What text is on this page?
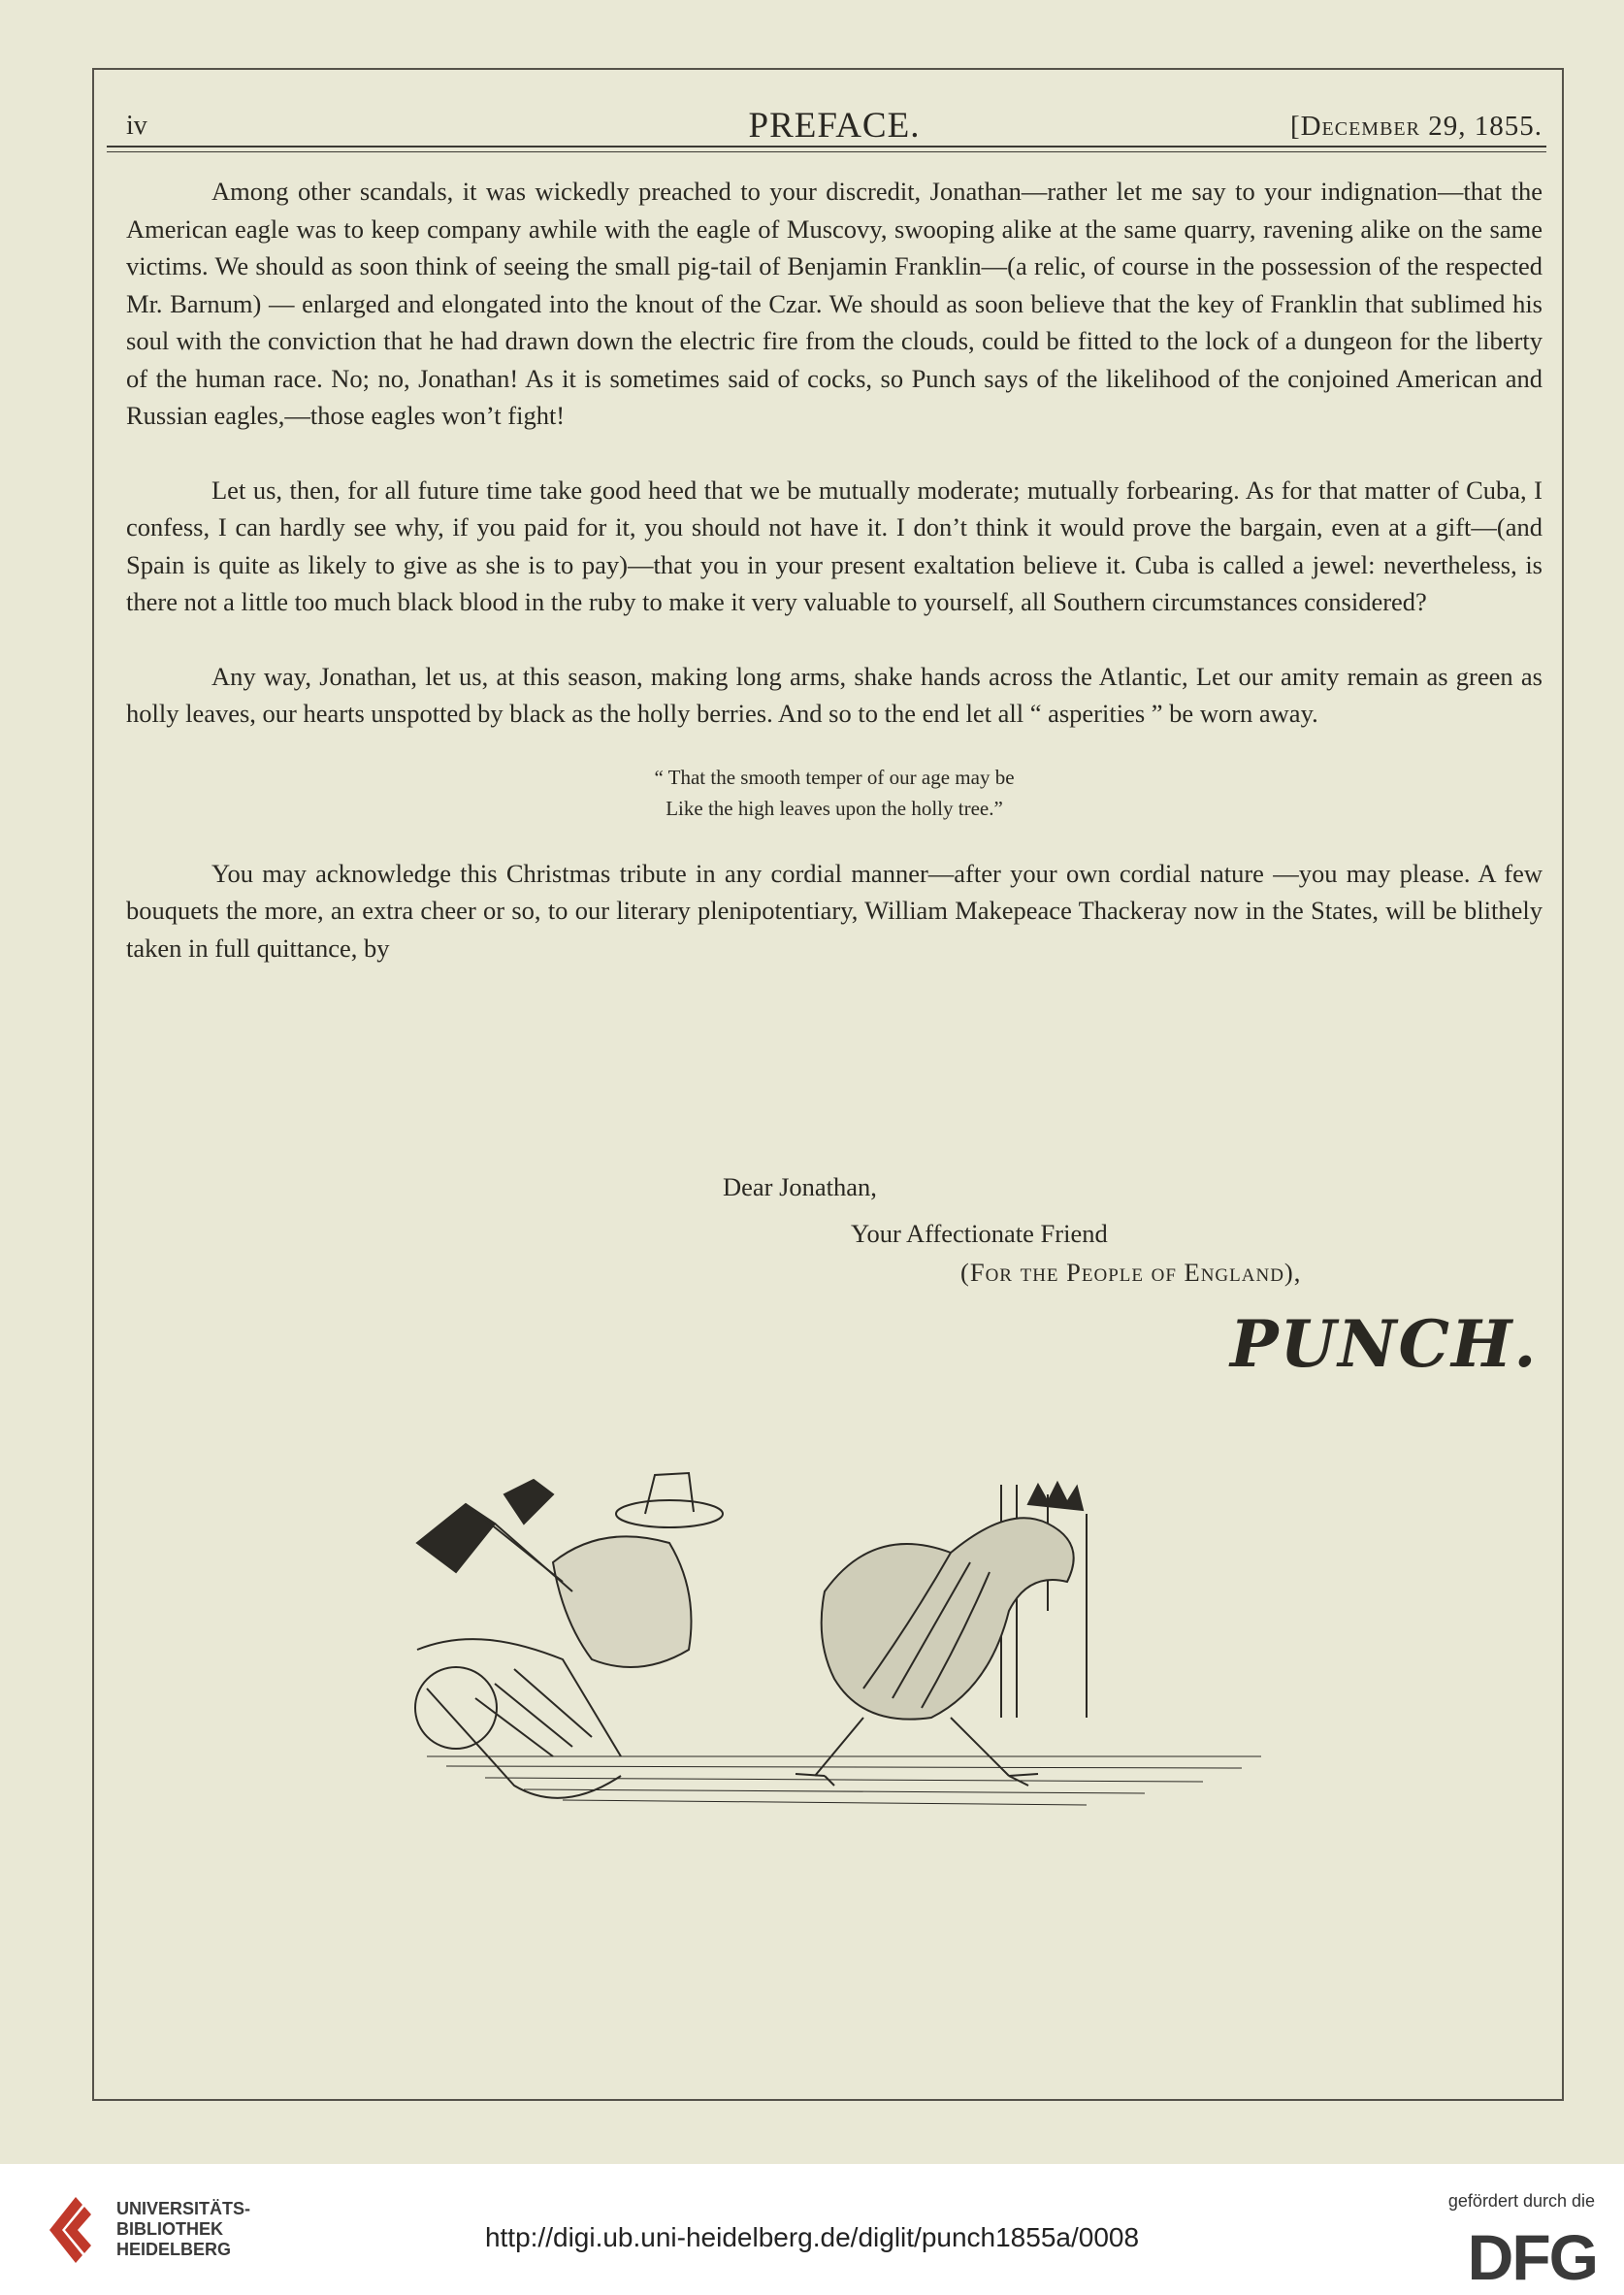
iv	PREFACE.	[December 29, 1855.

Among other scandals, it was wickedly preached to your discredit, Jonathan—rather let me say to your indignation—that the American eagle was to keep company awhile with the eagle of Muscovy, swooping alike at the same quarry, ravening alike on the same victims. We should as soon think of seeing the small pig-tail of Benjamin Franklin—(a relic, of course in the possession of the respected Mr. Barnum) — enlarged and elongated into the knout of the Czar. We should as soon believe that the key of Franklin that sublimed his soul with the conviction that he had drawn down the electric fire from the clouds, could be fitted to the lock of a dungeon for the liberty of the human race. No; no, Jonathan! As it is sometimes said of cocks, so Punch says of the likelihood of the conjoined American and Russian eagles,—those eagles won’t fight!

Let us, then, for all future time take good heed that we be mutually moderate; mutually forbearing. As for that matter of Cuba, I confess, I can hardly see why, if you paid for it, you should not have it. I don’t think it would prove the bargain, even at a gift—(and Spain is quite as likely to give as she is to pay)—that you in your present exaltation believe it. Cuba is called a jewel: nevertheless, is there not a little too much black blood in the ruby to make it very valuable to yourself, all Southern circumstances considered?

Any way, Jonathan, let us, at this season, making long arms, shake hands across the Atlantic, Let our amity remain as green as holly leaves, our hearts unspotted by black as the holly berries. And so to the end let all “ asperities ” be worn away.

“ That the smooth temper of our age may be
Like the high leaves upon the holly tree.”

You may acknowledge this Christmas tribute in any cordial manner—after your own cordial nature —you may please. A few bouquets the more, an extra cheer or so, to our literary plenipotentiary, William Makepeace Thackeray now in the States, will be blithely taken in full quittance, by

Dear Jonathan,
Your Affectionate Friend
(For the People of England),
PUNCH.
UNIVERSITÄTS-
BIBLIOTHEK
HEIDELBERG	http://digi.ub.uni-heidelberg.de/diglit/punch1855a/0008
gefördert durch die
DFG
